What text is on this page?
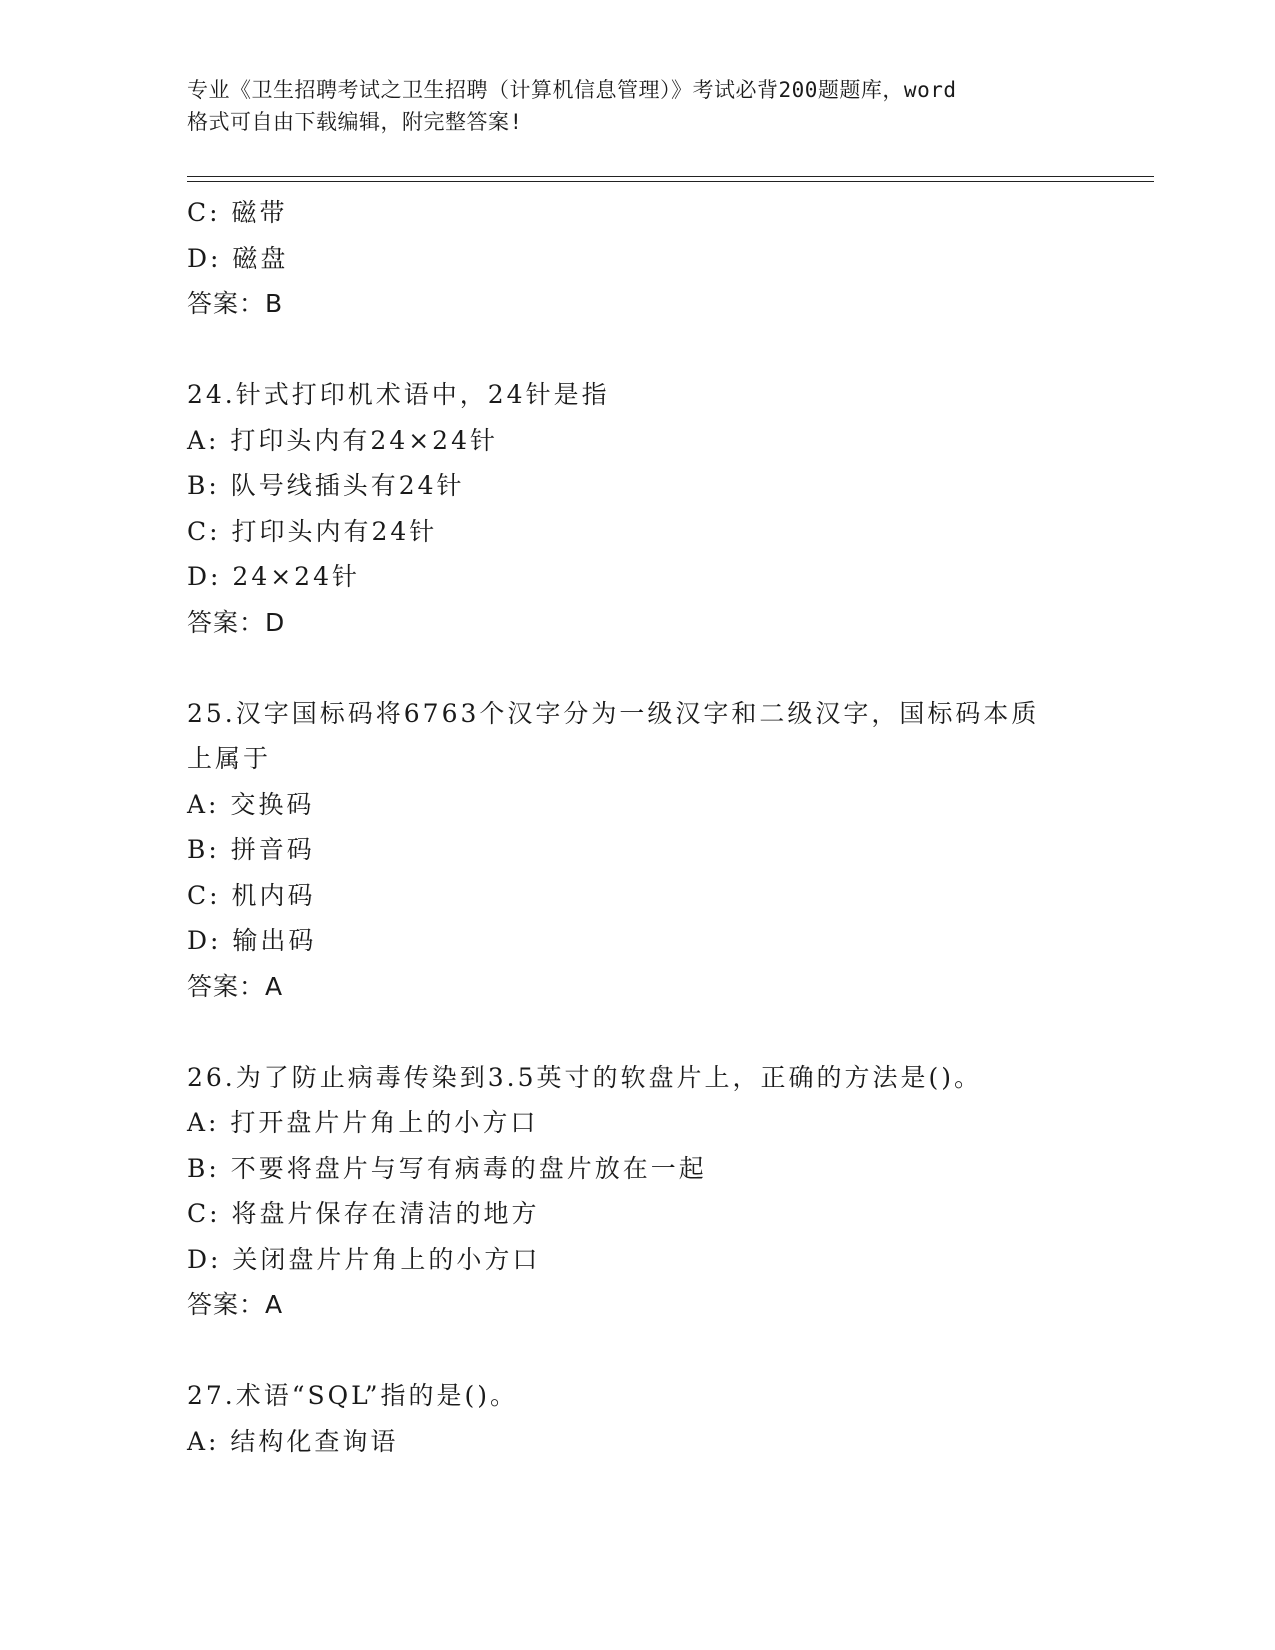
专业《卫生招聘考试之卫生招聘（计算机信息管理）》考试必背200题题库，word
格式可自由下载编辑，附完整答案!
C: 磁带
D: 磁盘
答案：B
24.针式打印机术语中，24针是指
A: 打印头内有24×24针
B: 队号线插头有24针
C: 打印头内有24针
D: 24×24针
答案：D
25.汉字国标码将6763个汉字分为一级汉字和二级汉字，国标码本质
上属于
A: 交换码
B: 拼音码
C: 机内码
D: 输出码
答案：A
26.为了防止病毒传染到3.5英寸的软盘片上，正确的方法是()。
A: 打开盘片片角上的小方口
B: 不要将盘片与写有病毒的盘片放在一起
C: 将盘片保存在清洁的地方
D: 关闭盘片片角上的小方口
答案：A
27.术语“SQL”指的是()。
A: 结构化查询语
